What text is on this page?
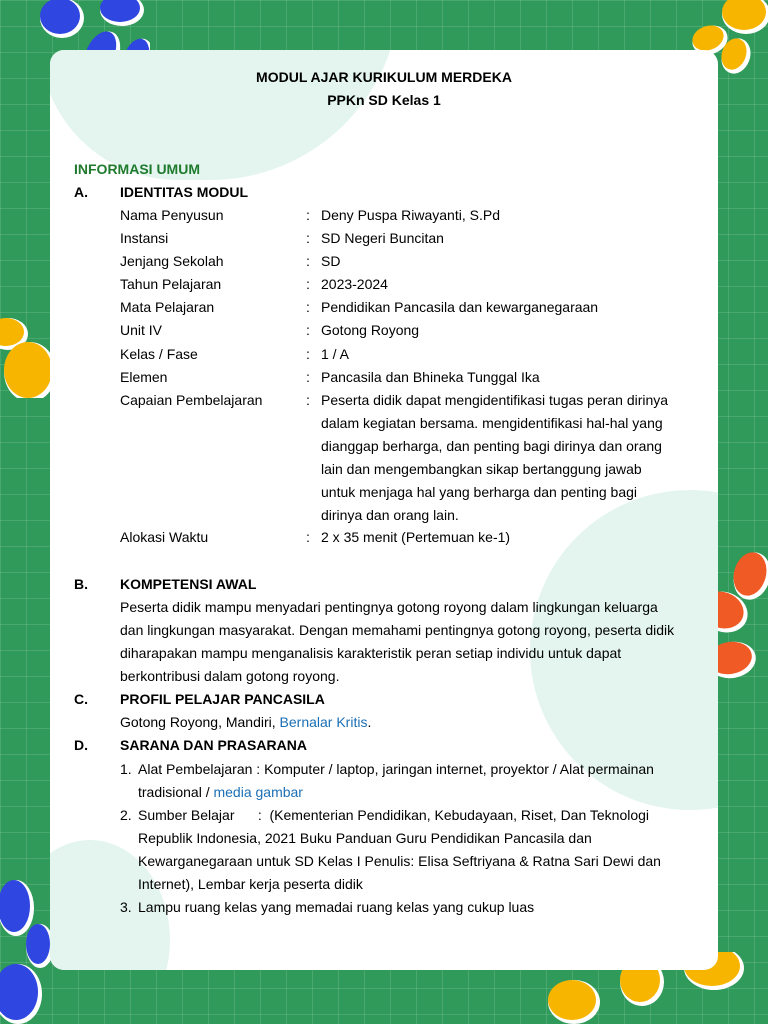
MODUL AJAR KURIKULUM MERDEKA
PPKn SD Kelas 1
INFORMASI UMUM
A. IDENTITAS MODUL
Nama Penyusun	: Deny Puspa Riwayanti, S.Pd
Instansi	: SD Negeri Buncitan
Jenjang Sekolah	: SD
Tahun Pelajaran	: 2023-2024
Mata Pelajaran	: Pendidikan Pancasila dan kewarganegaraan
Unit IV	: Gotong Royong
Kelas / Fase	: 1 / A
Elemen	: Pancasila dan Bhineka Tunggal Ika
Capaian Pembelajaran	: Peserta didik dapat mengidentifikasi tugas peran dirinya
dalam kegiatan bersama. mengidentifikasi hal-hal yang
dianggap berharga, dan penting bagi dirinya dan orang
lain dan mengembangkan sikap bertanggung jawab
untuk menjaga hal yang berharga dan penting bagi
dirinya dan orang lain.
Alokasi Waktu	: 2 x 35 menit (Pertemuan ke-1)
B. KOMPETENSI AWAL
Peserta didik mampu menyadari pentingnya gotong royong dalam lingkungan keluarga
dan lingkungan masyarakat. Dengan memahami pentingnya gotong royong, peserta didik
diharapakan mampu menganalisis karakteristik peran setiap individu untuk dapat
berkontribusi dalam gotong royong.
C. PROFIL PELAJAR PANCASILA
Gotong Royong, Mandiri, Bernalar Kritis.
D. SARANA DAN PRASARANA
1. Alat Pembelajaran : Komputer / laptop, jaringan internet, proyektor / Alat permainan
tradisional / media gambar
2. Sumber Belajar      :  (Kementerian Pendidikan, Kebudayaan, Riset, Dan Teknologi
Republik Indonesia, 2021 Buku Panduan Guru Pendidikan Pancasila dan
Kewarganegaraan untuk SD Kelas I Penulis: Elisa Seftriyana & Ratna Sari Dewi dan
Internet), Lembar kerja peserta didik
3. Lampu ruang kelas yang memadai ruang kelas yang cukup luas
